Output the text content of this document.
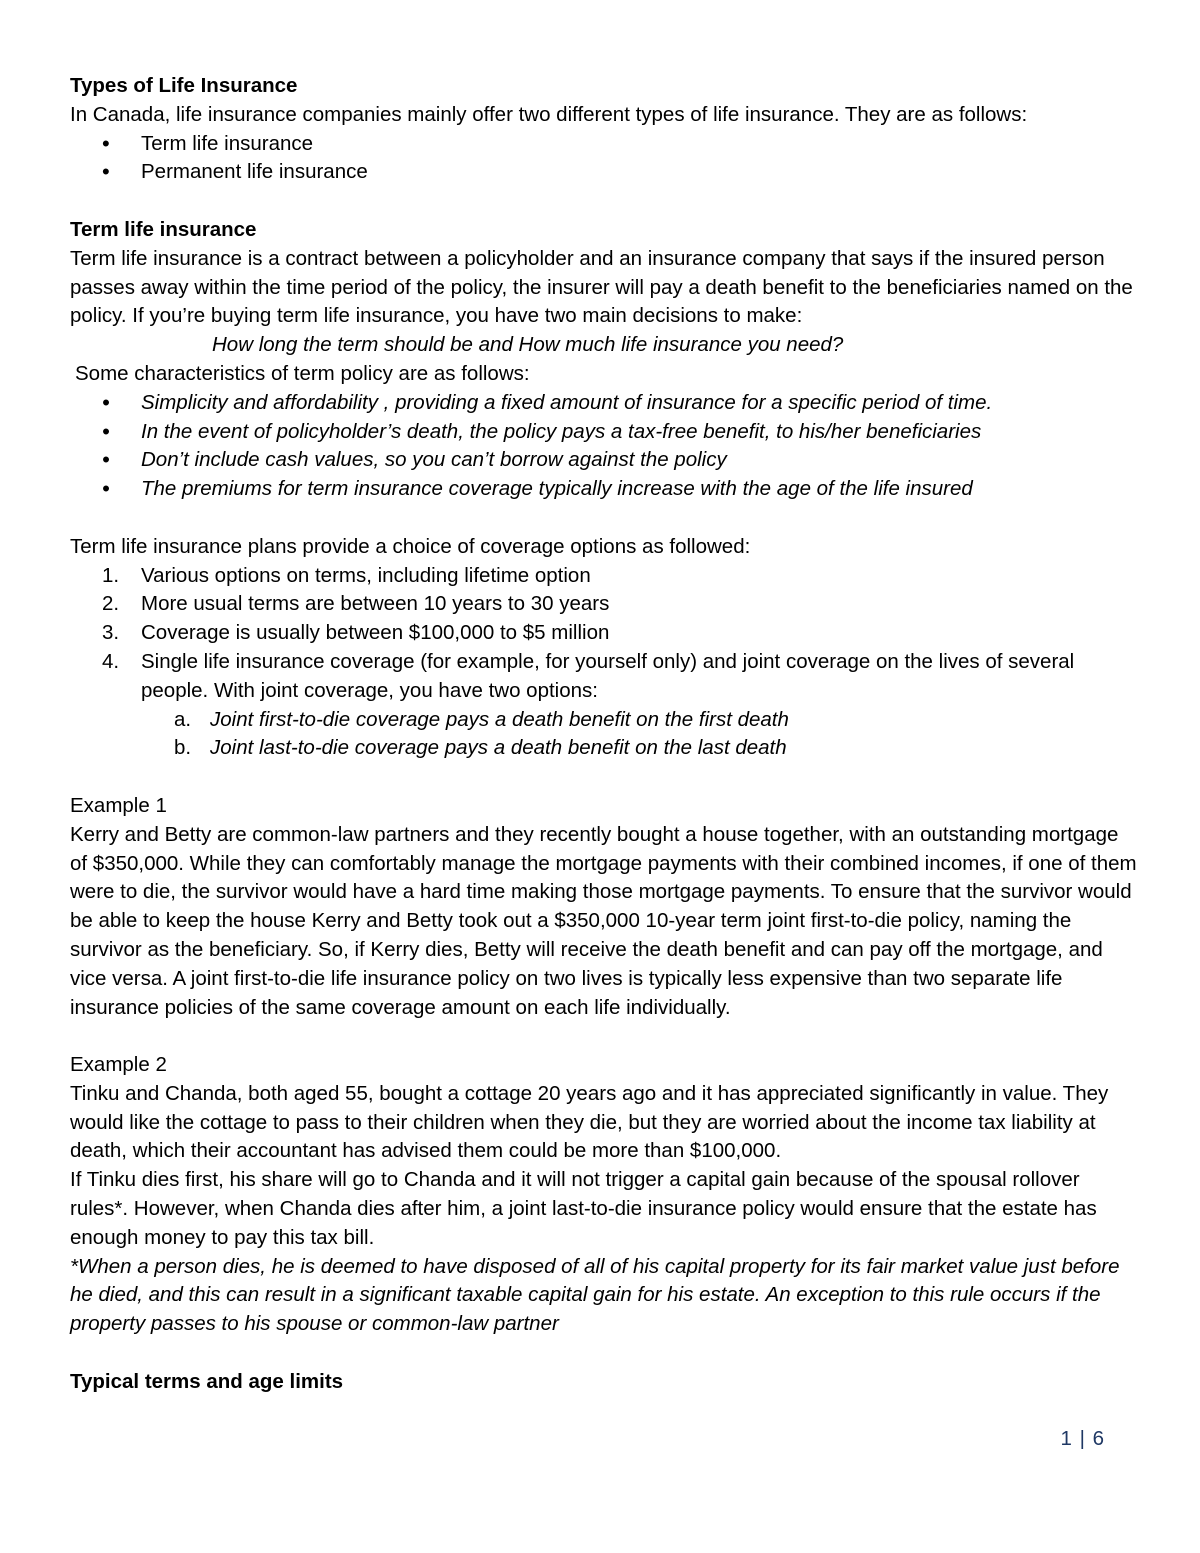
Types of Life Insurance

In Canada, life insurance companies mainly offer two different types of life insurance. They are as follows:

• Term life insurance
• Permanent life insurance

Term life insurance

Term life insurance is a contract between a policyholder and an insurance company that says if the insured person passes away within the time period of the policy, the insurer will pay a death benefit to the beneficiaries named on the policy. If you’re buying term life insurance, you have two main decisions to make:

How long the term should be and How much life insurance you need?

Some characteristics of term policy are as follows:

• Simplicity and affordability , providing a fixed amount of insurance for a specific period of time.
• In the event of policyholder’s death, the policy pays a tax-free benefit, to his/her beneficiaries
• Don’t include cash values, so you can’t borrow against the policy
• The premiums for term insurance coverage typically increase with the age of the life insured

Term life insurance plans provide a choice of coverage options as followed:

1. Various options on terms, including lifetime option
2. More usual terms are between 10 years to 30 years
3. Coverage is usually between $100,000 to $5 million
4. Single life insurance coverage (for example, for yourself only) and joint coverage on the lives of several people. With joint coverage, you have two options:
a. Joint first-to-die coverage pays a death benefit on the first death
b. Joint last-to-die coverage pays a death benefit on the last death

Example 1

Kerry and Betty are common-law partners and they recently bought a house together, with an outstanding mortgage of $350,000. While they can comfortably manage the mortgage payments with their combined incomes, if one of them were to die, the survivor would have a hard time making those mortgage payments. To ensure that the survivor would be able to keep the house Kerry and Betty took out a $350,000 10-year term joint first-to-die policy, naming the survivor as the beneficiary. So, if Kerry dies, Betty will receive the death benefit and can pay off the mortgage, and vice versa. A joint first-to-die life insurance policy on two lives is typically less expensive than two separate life insurance policies of the same coverage amount on each life individually.

Example 2

Tinku and Chanda, both aged 55, bought a cottage 20 years ago and it has appreciated significantly in value. They would like the cottage to pass to their children when they die, but they are worried about the income tax liability at death, which their accountant has advised them could be more than $100,000.

If Tinku dies first, his share will go to Chanda and it will not trigger a capital gain because of the spousal rollover rules*. However, when Chanda dies after him, a joint last-to-die insurance policy would ensure that the estate has enough money to pay this tax bill.

*When a person dies, he is deemed to have disposed of all of his capital property for its fair market value just before he died, and this can result in a significant taxable capital gain for his estate. An exception to this rule occurs if the property passes to his spouse or common-law partner

Typical terms and age limits

1 | 6
